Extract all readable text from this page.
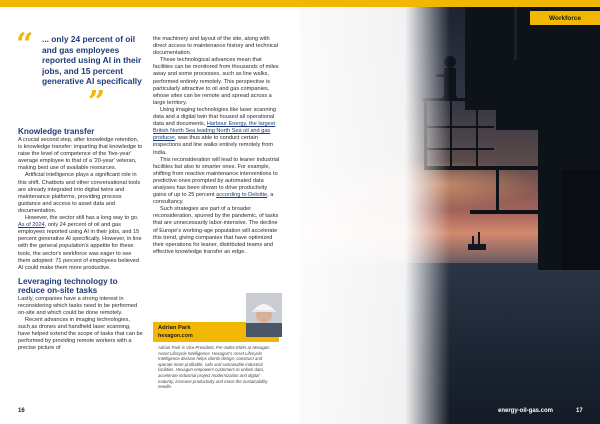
Workforce
“	... only 24 percent of oil and gas employees reported using AI in their jobs, and 15 percent generative AI specifically
”
Knowledge transfer

A crucial second step, after knowledge retention, is knowledge transfer: imparting that knowledge to raise the level of competence of the 'five-year' average employee to that of a '20-year' veteran, making best use of available resources.

Artificial intelligence plays a significant role in this shift. Chatbots and other conversational tools are already integrated into digital twins and maintenance platforms, providing process guidance and access to asset data and documentation.

However, the sector still has a long way to go. As of 2024, only 24 percent of oil and gas employees reported using AI in their jobs, and 15 percent generative AI specifically. However, in line with the general population's appetite for these tools, the sector's workforce was eager to see them adopted: 71 percent of employees believed AI could make them more productive.

Leveraging technology to reduce on-site tasks

Lastly, companies have a strong interest in reconsidering which tasks need to be performed on-site and which could be done remotely.

Recent advances in imaging technologies, such as drones and handheld laser scanning, have helped extend the scope of tasks that can be performed by providing remote workers with a precise picture of

the machinery and layout of the site, along with direct access to maintenance history and technical documentation.

These technological advances mean that facilities can be monitored from thousands of miles away and some processes, such as line walks, performed entirely remotely. This perspective is particularly attractive to oil and gas companies, whose sites can be remote and spread across a large territory.

Using imaging technologies like laser scanning data and a digital twin that housed all operational data and documents, Harbour Energy, the largest British North Sea leading North Sea oil and gas producer, was thus able to conduct certain inspections and line walks entirely remotely from India.

This reconsideration will lead to leaner industrial facilities but also to smarter ones. For example, shifting from reactive maintenance interventions to predictive ones prompted by automated data analyses has been shown to drive productivity gains of up to 25 percent according to Deloitte, a consultancy.

Such strategies are part of a broader reconsideration, spurred by the pandemic, of tasks that are unnecessarily labor-intensive. The decline of Europe's working-age population will accelerate this trend, giving companies that have optimized their operations for leaner, distributed teams and effective knowledge transfer an edge.

Adrian Park
hexagon.com
Adrian Park is Vice President, Pre-Sales EMIA at Hexagon Asset Lifecycle Intelligence. Hexagon's Asset Lifecycle Intelligence division helps clients design, construct and operate more profitable, safe and sustainable industrial facilities. Hexagon empowers customers to unlock data, accelerate industrial project modernization and digital maturity, increase productivity and move the sustainability needle.
16	energy-oil-gas.com	17
